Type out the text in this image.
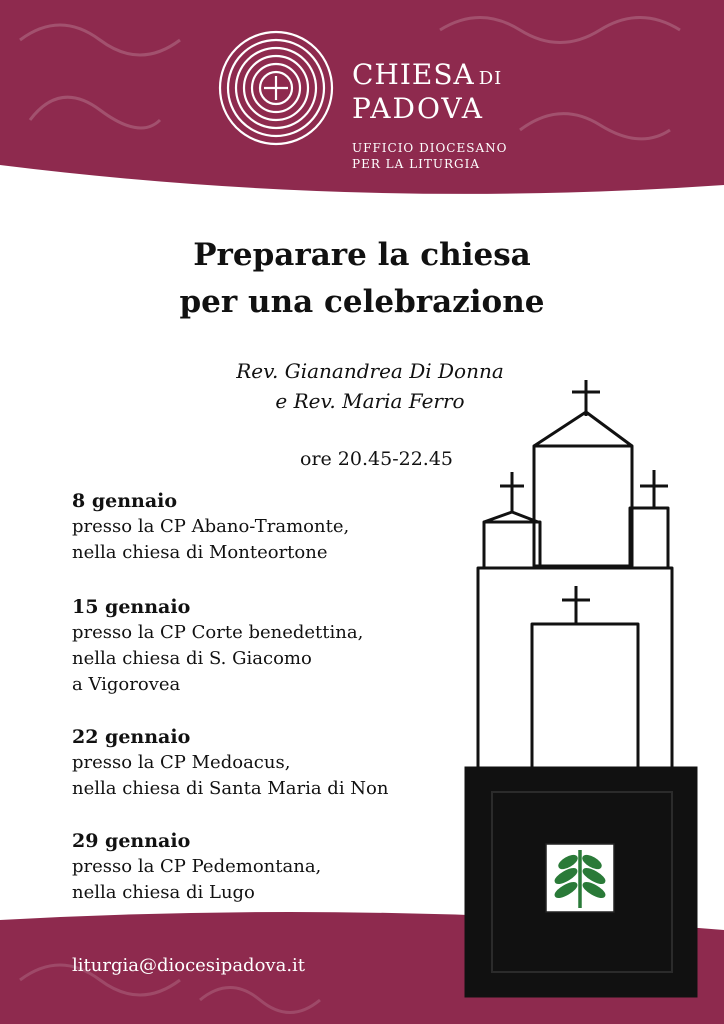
CHIESA DI
PADOVA
UFFICIO DIOCESANO
PER LA LITURGIA
Preparare la chiesa
per una celebrazione
Rev. Gianandrea Di Donna
e Rev. Maria Ferro
ore 20.45-22.45
8 gennaio
presso la CP Abano-Tramonte,
nella chiesa di Monteortone
15 gennaio
presso la CP Corte benedettina,
nella chiesa di S. Giacomo
a Vigorovea
22 gennaio
presso la CP Medoacus,
nella chiesa di Santa Maria di Non
29 gennaio
presso la CP Pedemontana,
nella chiesa di Lugo
liturgia@diocesipadova.it
